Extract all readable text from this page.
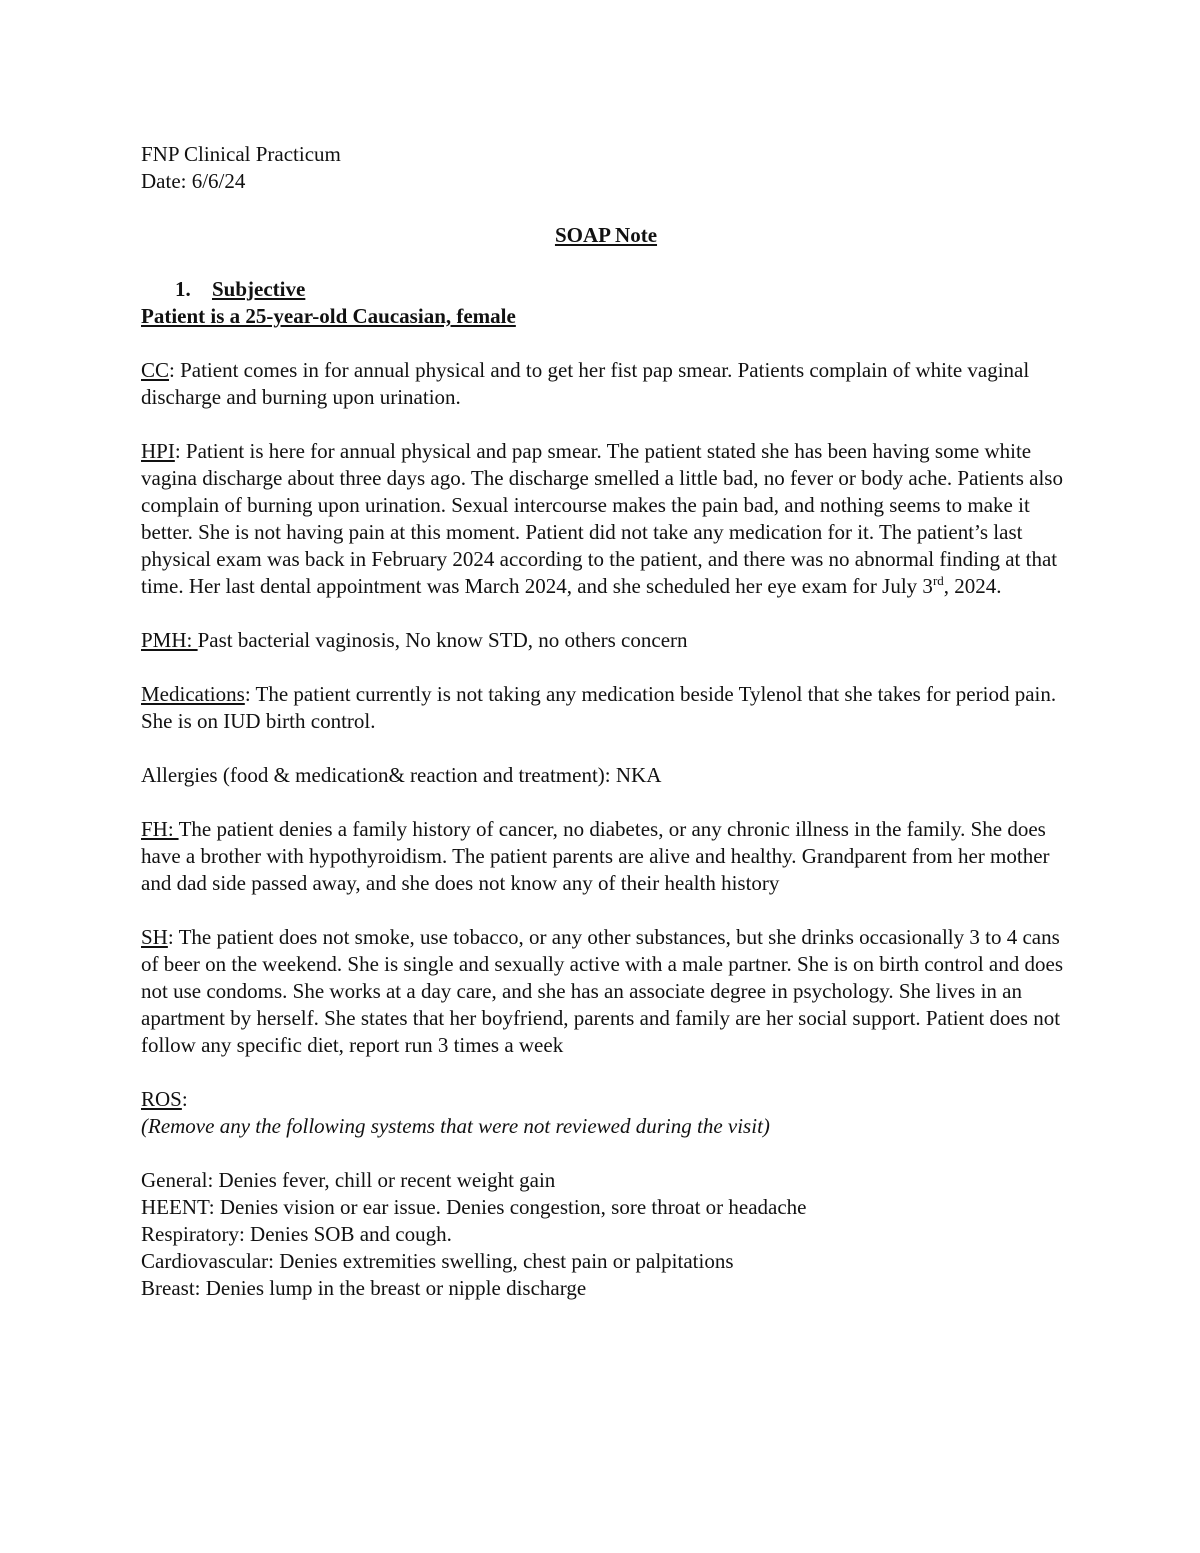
FNP Clinical Practicum
Date: 6/6/24
SOAP Note
1. Subjective
Patient is a 25-year-old Caucasian, female

CC: Patient comes in for annual physical and to get her fist pap smear. Patients complain of white vaginal discharge and burning upon urination.

HPI: Patient is here for annual physical and pap smear. The patient stated she has been having some white vagina discharge about three days ago. The discharge smelled a little bad, no fever or body ache. Patients also complain of burning upon urination. Sexual intercourse makes the pain bad, and nothing seems to make it better. She is not having pain at this moment. Patient did not take any medication for it. The patient’s last physical exam was back in February 2024 according to the patient, and there was no abnormal finding at that time. Her last dental appointment was March 2024, and she scheduled her eye exam for July 3rd, 2024.

PMH: Past bacterial vaginosis, No know STD, no others concern

Medications: The patient currently is not taking any medication beside Tylenol that she takes for period pain. She is on IUD birth control.

Allergies (food & medication& reaction and treatment): NKA

FH: The patient denies a family history of cancer, no diabetes, or any chronic illness in the family. She does have a brother with hypothyroidism. The patient parents are alive and healthy. Grandparent from her mother and dad side passed away, and she does not know any of their health history

SH: The patient does not smoke, use tobacco, or any other substances, but she drinks occasionally 3 to 4 cans of beer on the weekend. She is single and sexually active with a male partner. She is on birth control and does not use condoms. She works at a day care, and she has an associate degree in psychology. She lives in an apartment by herself. She states that her boyfriend, parents and family are her social support. Patient does not follow any specific diet, report run 3 times a week

ROS:
(Remove any the following systems that were not reviewed during the visit)
General: Denies fever, chill or recent weight gain
HEENT: Denies vision or ear issue. Denies congestion, sore throat or headache
Respiratory: Denies SOB and cough.
Cardiovascular: Denies extremities swelling, chest pain or palpitations
Breast: Denies lump in the breast or nipple discharge
